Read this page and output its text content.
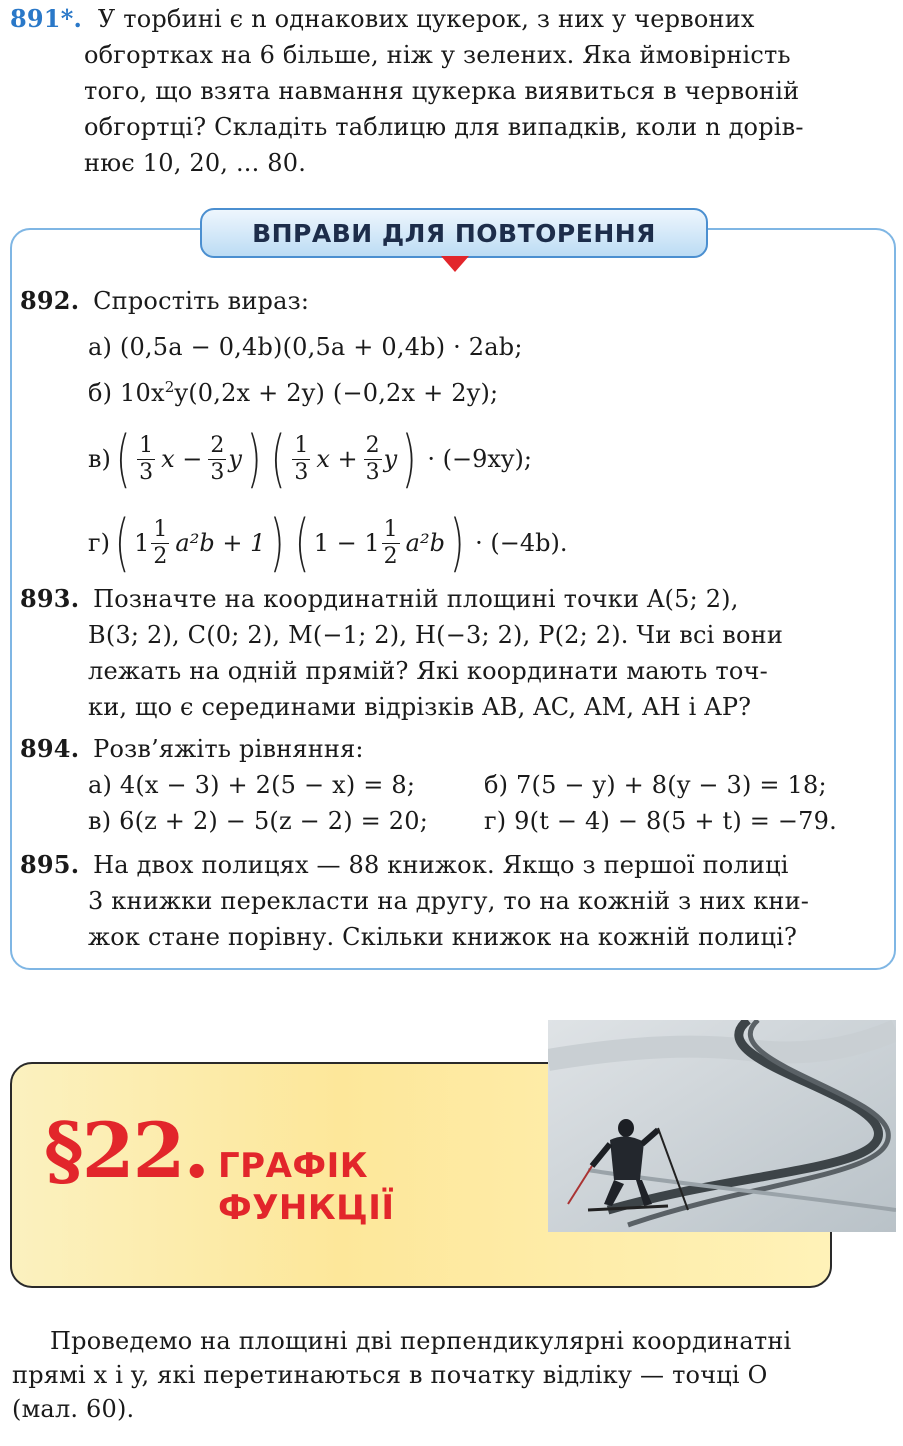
891*. У торбині є n однакових цукерок, з них у червоних
обгортках на 6 більше, ніж у зелених. Яка ймовірність
того, що взята навмання цукерка виявиться в червоній
обгортці? Складіть таблицю для випадків, коли n дорів-
нює 10, 20, ... 80.
ВПРАВИ ДЛЯ ПОВТОРЕННЯ
892. Спростіть вираз:
а) (0,5a − 0,4b)(0,5a + 0,4b) · 2ab;
б) $10x^2y(0,2x + 2y) (-0,2x + 2y)$;
в) ( $\frac{1}{3}$ $x - \frac{2}{3}$ y ) ( $\frac{1}{3}$ $x + \frac{2}{3}$ y ) · (−9xy);
г) ( $1 \frac{1}{2} a^2b + 1$ ) ( $1 - 1 \frac{1}{2} a^2b$ ) · (−4b).
893. Позначте на координатній площині точки A(5; 2),
B(3; 2), C(0; 2), M(−1; 2), H(−3; 2), P(2; 2). Чи всі вони
лежать на одній прямій? Які координати мають точ-
ки, що є серединами відрізків AB, AC, AM, AH і AP?
894. Розв’яжіть рівняння:
а) 4(x − 3) + 2(5 − x) = 8;	б) 7(5 − y) + 8(y − 3) = 18;
в) 6(z + 2) − 5(z − 2) = 20; г) 9(t − 4) − 8(5 + t) = −79.
895. На двох полицях — 88 книжок. Якщо з першої полиці
3 книжки перекласти на другу, то на кожній з них кни-
жок стане порівну. Скільки книжок на кожній полиці?
§22. ГРАФІК
ФУНКЦІЇ
Проведемо на площині дві перпендикулярні координатні
прямі x і y, які перетинаються в початку відліку — точці O
(мал. 60).
